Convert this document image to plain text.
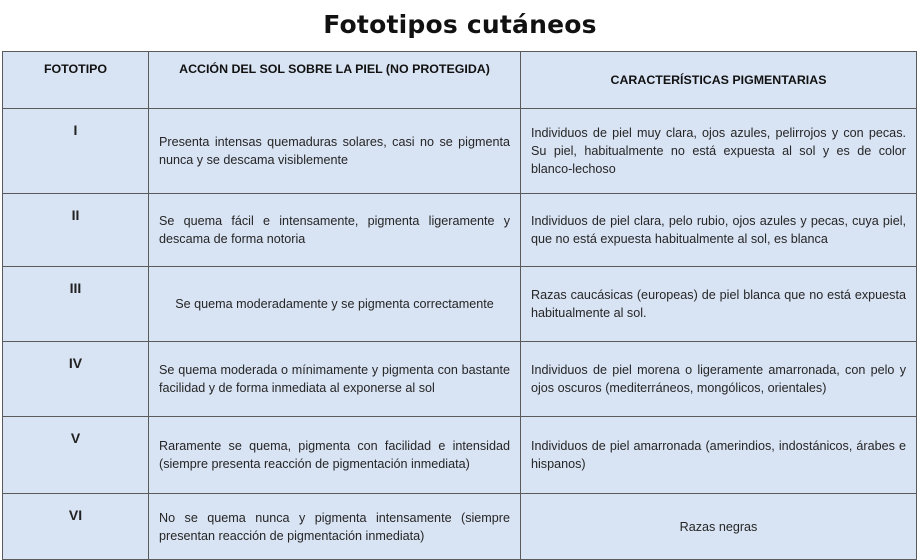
Fototipos cutáneos
FOTOTIPO	ACCIÓN DEL SOL SOBRE LA PIEL (NO PROTEGIDA)	CARACTERÍSTICAS PIGMENTARIAS
I	Presenta intensas quemaduras solares, casi no se pigmenta nunca y se descama visiblemente	Individuos de piel muy clara, ojos azules, pelirrojos y con pecas. Su piel, habitualmente no está expuesta al sol y es de color blanco-lechoso
II	Se quema fácil e intensamente, pigmenta ligeramente y descama de forma notoria	Individuos de piel clara, pelo rubio, ojos azules y pecas, cuya piel, que no está expuesta habitualmente al sol, es blanca
III	Se quema moderadamente y se pigmenta correctamente	Razas caucásicas (europeas) de piel blanca que no está expuesta habitualmente al sol.
IV	Se quema moderada o mínimamente y pigmenta con bastante facilidad y de forma inmediata al exponerse al sol	Individuos de piel morena o ligeramente amarronada, con pelo y ojos oscuros (mediterráneos, mongólicos, orientales)
V	Raramente se quema, pigmenta con facilidad e intensidad (siempre presenta reacción de pigmentación inmediata)	Individuos de piel amarronada (amerindios, indostánicos, árabes e hispanos)
VI	No se quema nunca y pigmenta intensamente (siempre presentan reacción de pigmentación inmediata)	Razas negras
